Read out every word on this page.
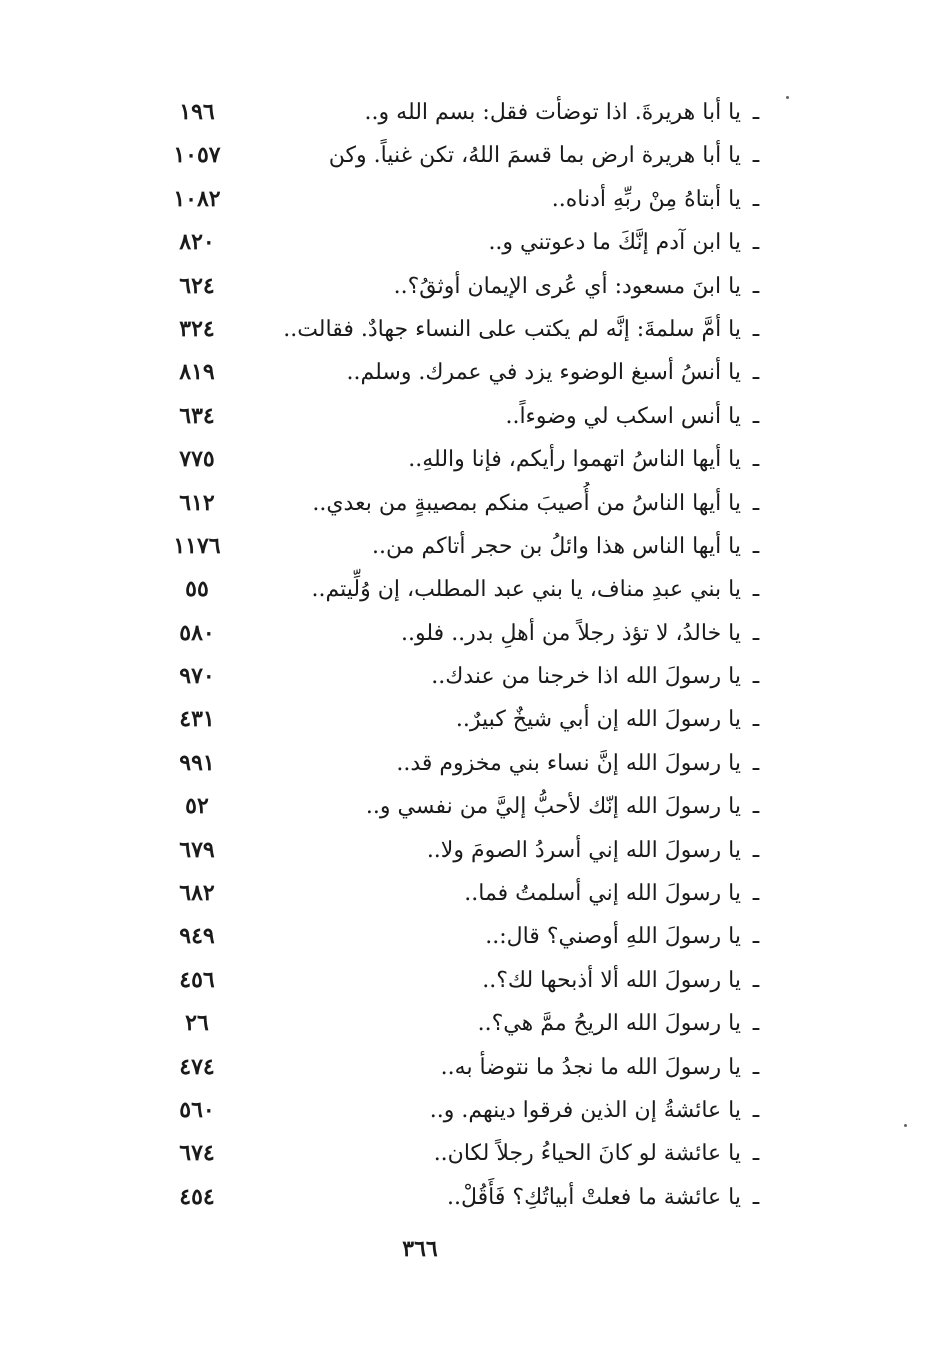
ـ
يا أبا هريرةَ. اذا توضأت فقل: بسم الله و..
١٩٦
ـ
يا أبا هريرة ارض بما قسمَ اللهُ، تكن غنياً. وكن
١٠٥٧
ـ
يا أبتاهُ مِنْ ربِّهِ أدناه..
١٠٨٢
ـ
يا ابن آدم إنَّكَ ما دعوتني و..
٨٢٠
ـ
يا ابنَ مسعود: أي عُرى الإيمان أوثقُ؟..
٦٢٤
ـ
يا أمَّ سلمةَ: إنَّه لم يكتب على النساء جهادٌ. فقالت..
٣٢٤
ـ
يا أنسُ أسبغ الوضوء يزد في عمرك. وسلم..
٨١٩
ـ
يا أنس اسكب لي وضوءاً..
٦٣٤
ـ
يا أيها الناسُ اتهموا رأيكم، فإنا واللهِ..
٧٧٥
ـ
يا أيها الناسُ من أُصيبَ منكم بمصيبةٍ من بعدي..
٦١٢
ـ
يا أيها الناس هذا وائلُ بن حجر أتاكم من..
١١٧٦
ـ
يا بني عبدِ مناف، يا بني عبد المطلب، إن وُلِّيتم..
٥٥
ـ
يا خالدُ، لا تؤذ رجلاً من أهلِ بدر.. فلو..
٥٨٠
ـ
يا رسولَ الله اذا خرجنا من عندك..
٩٧٠
ـ
يا رسولَ الله إن أبي شيخٌ كبيرٌ..
٤٣١
ـ
يا رسولَ الله إنَّ نساء بني مخزوم قد..
٩٩١
ـ
يا رسولَ الله إنّك لأحبُّ إليَّ من نفسي و..
٥٢
ـ
يا رسولَ الله إني أسردُ الصومَ ولا..
٦٧٩
ـ
يا رسولَ الله إني أسلمتُ فما..
٦٨٢
ـ
يا رسولَ اللهِ أوصني؟ قال:..
٩٤٩
ـ
يا رسولَ الله ألا أذبحها لك؟..
٤٥٦
ـ
يا رسولَ الله الريحُ ممَّ هي؟..
٢٦
ـ
يا رسولَ الله ما نجدُ ما نتوضأ به..
٤٧٤
ـ
يا عائشةُ إن الذين فرقوا دينهم. و..
٥٦٠
ـ
يا عائشة لو كانَ الحياءُ رجلاً لكان..
٦٧٤
ـ
يا عائشة ما فعلتْ أبياتُكِ؟ فَأَقُلْ..
٤٥٤
٣٦٦
